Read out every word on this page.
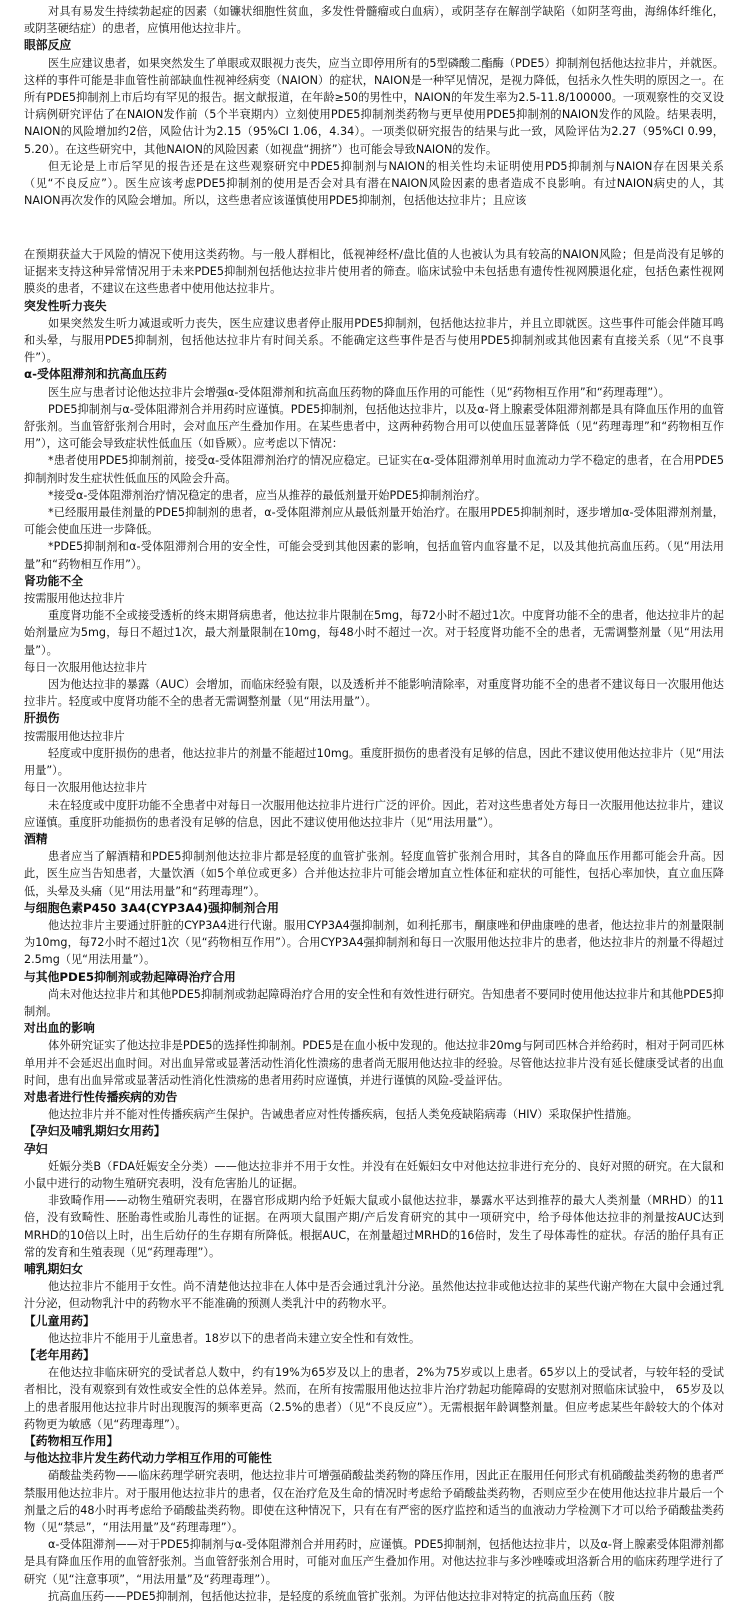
对具有易发生持续勃起症的因素（如镰状细胞性贫血，多发性骨髓瘤或白血病），或阴茎存在解剖学缺陷（如阴茎弯曲，海绵体纤维化，或阴茎硬结症）的患者，应慎用他达拉非片。

眼部反应

医生应建议患者，如果突然发生了单眼或双眼视力丧失，应当立即停用所有的5型磷酸二酯酶（PDE5）抑制剂包括他达拉非片，并就医。这样的事件可能是非血管性前部缺血性视神经病变（NAION）的症状，NAION是一种罕见情况，是视力降低，包括永久性失明的原因之一。在所有PDE5抑制剂上市后均有罕见的报告。据文献报道，在年龄≥50的男性中，NAION的年发生率为2.5-11.8/100000。一项观察性的交叉设计病例研究评估了在NAION发作前（5个半衰期内）立刻使用PDE5抑制剂类药物与更早使用PDE5抑制剂的NAION发作的风险。结果表明，NAION的风险增加约2倍，风险估计为2.15（95%CI 1.06，4.34）。一项类似研究报告的结果与此一致，风险评估为2.27（95%CI 0.99，5.20）。在这些研究中，其他NAION的风险因素（如视盘“拥挤”）也可能会导致NAION的发作。

但无论是上市后罕见的报告还是在这些观察研究中PDE5抑制剂与NAION的相关性均未证明使用PD5抑制剂与NAION存在因果关系（见“不良反应”）。医生应该考虑PDE5抑制剂的使用是否会对具有潜在NAION风险因素的患者造成不良影响。有过NAION病史的人，其NAION再次发作的风险会增加。所以，这些患者应该谨慎使用PDE5抑制剂，包括他达拉非片；且应该

在预期获益大于风险的情况下使用这类药物。与一般人群相比，低视神经杯/盘比值的人也被认为具有较高的NAION风险；但是尚没有足够的证据来支持这种异常情况用于未来PDE5抑制剂包括他达拉非片使用者的筛查。临床试验中未包括患有遗传性视网膜退化症，包括色素性视网膜炎的患者，不建议在这些患者中使用他达拉非片。

突发性听力丧失

如果突然发生听力减退或听力丧失，医生应建议患者停止服用PDE5抑制剂，包括他达拉非片，并且立即就医。这些事件可能会伴随耳鸣和头晕，与服用PDE5抑制剂，包括他达拉非片有时间关系。不能确定这些事件是否与使用PDE5抑制剂或其他因素有直接关系（见“不良事件”）。

α-受体阻滞剂和抗高血压药

医生应与患者讨论他达拉非片会增强α-受体阻滞剂和抗高血压药物的降血压作用的可能性（见“药物相互作用”和“药理毒理”）。

PDE5抑制剂与α-受体阻滞剂合并用药时应谨慎。PDE5抑制剂，包括他达拉非片，以及α-肾上腺素受体阻滞剂都是具有降血压作用的血管舒张剂。当血管舒张剂合用时，会对血压产生叠加作用。在某些患者中，这两种药物合用可以使血压显著降低（见“药理毒理”和“药物相互作用”），这可能会导致症状性低血压（如昏厥）。应考虑以下情况：

*患者使用PDE5抑制剂前，接受α-受体阻滞剂治疗的情况应稳定。已证实在α-受体阻滞剂单用时血流动力学不稳定的患者，在合用PDE5抑制剂时发生症状性低血压的风险会升高。

*接受α-受体阻滞剂治疗情况稳定的患者，应当从推荐的最低剂量开始PDE5抑制剂治疗。

*已经服用最佳剂量的PDE5抑制剂的患者，α-受体阻滞剂应从最低剂量开始治疗。在服用PDE5抑制剂时，逐步增加α-受体阻滞剂剂量，可能会使血压进一步降低。

*PDE5抑制剂和α-受体阻滞剂合用的安全性，可能会受到其他因素的影响，包括血管内血容量不足，以及其他抗高血压药。（见“用法用量”和“药物相互作用”）。

肾功能不全

按需服用他达拉非片

重度肾功能不全或接受透析的终末期肾病患者，他达拉非片限制在5mg，每72小时不超过1次。中度肾功能不全的患者，他达拉非片的起始剂量应为5mg，每日不超过1次，最大剂量限制在10mg，每48小时不超过一次。对于轻度肾功能不全的患者，无需调整剂量（见“用法用量”）。

每日一次服用他达拉非片

因为他达拉非的暴露（AUC）会增加，而临床经验有限，以及透析并不能影响清除率，对重度肾功能不全的患者不建议每日一次服用他达拉非片。轻度或中度肾功能不全的患者无需调整剂量（见“用法用量”）。

肝损伤

按需服用他达拉非片

轻度或中度肝损伤的患者，他达拉非片的剂量不能超过10mg。重度肝损伤的患者没有足够的信息，因此不建议使用他达拉非片（见“用法用量”）。

每日一次服用他达拉非片

未在轻度或中度肝功能不全患者中对每日一次服用他达拉非片进行广泛的评价。因此，若对这些患者处方每日一次服用他达拉非片，建议应谨慎。重度肝功能损伤的患者没有足够的信息，因此不建议使用他达拉非片（见“用法用量”）。

酒精

患者应当了解酒精和PDE5抑制剂他达拉非片都是轻度的血管扩张剂。轻度血管扩张剂合用时，其各自的降血压作用都可能会升高。因此，医生应当告知患者，大量饮酒（如5个单位或更多）合并他达拉非片可能会增加直立性体征和症状的可能性，包括心率加快，直立血压降低，头晕及头痛（见“用法用量”和“药理毒理”）。

与细胞色素P450 3A4(CYP3A4)强抑制剂合用

他达拉非片主要通过肝脏的CYP3A4进行代谢。服用CYP3A4强抑制剂，如利托那韦，酮康唑和伊曲康唑的患者，他达拉非片的剂量限制为10mg，每72小时不超过1次（见“药物相互作用”）。合用CYP3A4强抑制剂和每日一次服用他达拉非片的患者，他达拉非片的剂量不得超过2.5mg（见“用法用量”）。

与其他PDE5抑制剂或勃起障碍治疗合用

尚未对他达拉非片和其他PDE5抑制剂或勃起障碍治疗合用的安全性和有效性进行研究。告知患者不要同时使用他达拉非片和其他PDE5抑制剂。

对出血的影响

体外研究证实了他达拉非是PDE5的选择性抑制剂。PDE5是在血小板中发现的。他达拉非20mg与阿司匹林合并给药时，相对于阿司匹林单用并不会延迟出血时间。对出血异常或显著活动性消化性溃疡的患者尚无服用他达拉非的经验。尽管他达拉非片没有延长健康受试者的出血时间，患有出血异常或显著活动性消化性溃疡的患者用药时应谨慎，并进行谨慎的风险-受益评估。

对患者进行性传播疾病的劝告

他达拉非片并不能对性传播疾病产生保护。告诫患者应对性传播疾病，包括人类免疫缺陷病毒（HIV）采取保护性措施。

【孕妇及哺乳期妇女用药】

孕妇

妊娠分类B（FDA妊娠安全分类）——他达拉非并不用于女性。并没有在妊娠妇女中对他达拉非进行充分的、良好对照的研究。在大鼠和小鼠中进行的动物生殖研究表明，没有危害胎儿的证据。

非致畸作用——动物生殖研究表明，在器官形成期内给予妊娠大鼠或小鼠他达拉非，暴露水平达到推荐的最大人类剂量（MRHD）的11倍，没有致畸性、胚胎毒性或胎儿毒性的证据。在两项大鼠围产期/产后发育研究的其中一项研究中，给予母体他达拉非的剂量按AUC达到MRHD的10倍以上时，出生后幼仔的生存期有所降低。根据AUC，在剂量超过MRHD的16倍时，发生了母体毒性的症状。存活的胎仔具有正常的发育和生殖表现（见“药理毒理”）。

哺乳期妇女

他达拉非片不能用于女性。尚不清楚他达拉非在人体中是否会通过乳汁分泌。虽然他达拉非或他达拉非的某些代谢产物在大鼠中会通过乳汁分泌，但动物乳汁中的药物水平不能准确的预测人类乳汁中的药物水平。

【儿童用药】

他达拉非片不能用于儿童患者。18岁以下的患者尚未建立安全性和有效性。

【老年用药】

在他达拉非临床研究的受试者总人数中，约有19%为65岁及以上的患者，2%为75岁或以上患者。65岁以上的受试者，与较年轻的受试者相比，没有观察到有效性或安全性的总体差异。然而，在所有按需服用他达拉非片治疗勃起功能障碍的安慰剂对照临床试验中， 65岁及以上的患者服用他达拉非片时出现腹泻的频率更高（2.5%的患者）（见“不良反应”）。无需根据年龄调整剂量。但应考虑某些年龄较大的个体对药物更为敏感（见“药理毒理”）。

【药物相互作用】

与他达拉非片发生药代动力学相互作用的可能性

硝酸盐类药物——临床药理学研究表明，他达拉非片可增强硝酸盐类药物的降压作用，因此正在服用任何形式有机硝酸盐类药物的患者严禁服用他达拉非片。对于服用他达拉非片的患者，仅在治疗危及生命的情况时考虑给予硝酸盐类药物，否则应至少在使用他达拉非片最后一个剂量之后的48小时再考虑给予硝酸盐类药物。即使在这种情况下，只有在有严密的医疗监控和适当的血液动力学检测下才可以给予硝酸盐类药物（见“禁忌”，“用法用量”及“药理毒理”）。

α-受体阻滞剂——对于PDE5抑制剂与α-受体阻滞剂合并用药时，应谨慎。PDE5抑制剂，包括他达拉非片，以及α-肾上腺素受体阻滞剂都是具有降血压作用的血管舒张剂。当血管舒张剂合用时，可能对血压产生叠加作用。对他达拉非与多沙唑嗪或坦洛新合用的临床药理学进行了研究（见“注意事项”，“用法用量”及“药理毒理”）。

抗高血压药——PDE5抑制剂，包括他达拉非，是轻度的系统血管扩张剂。为评估他达拉非对特定的抗高血压药（胺
